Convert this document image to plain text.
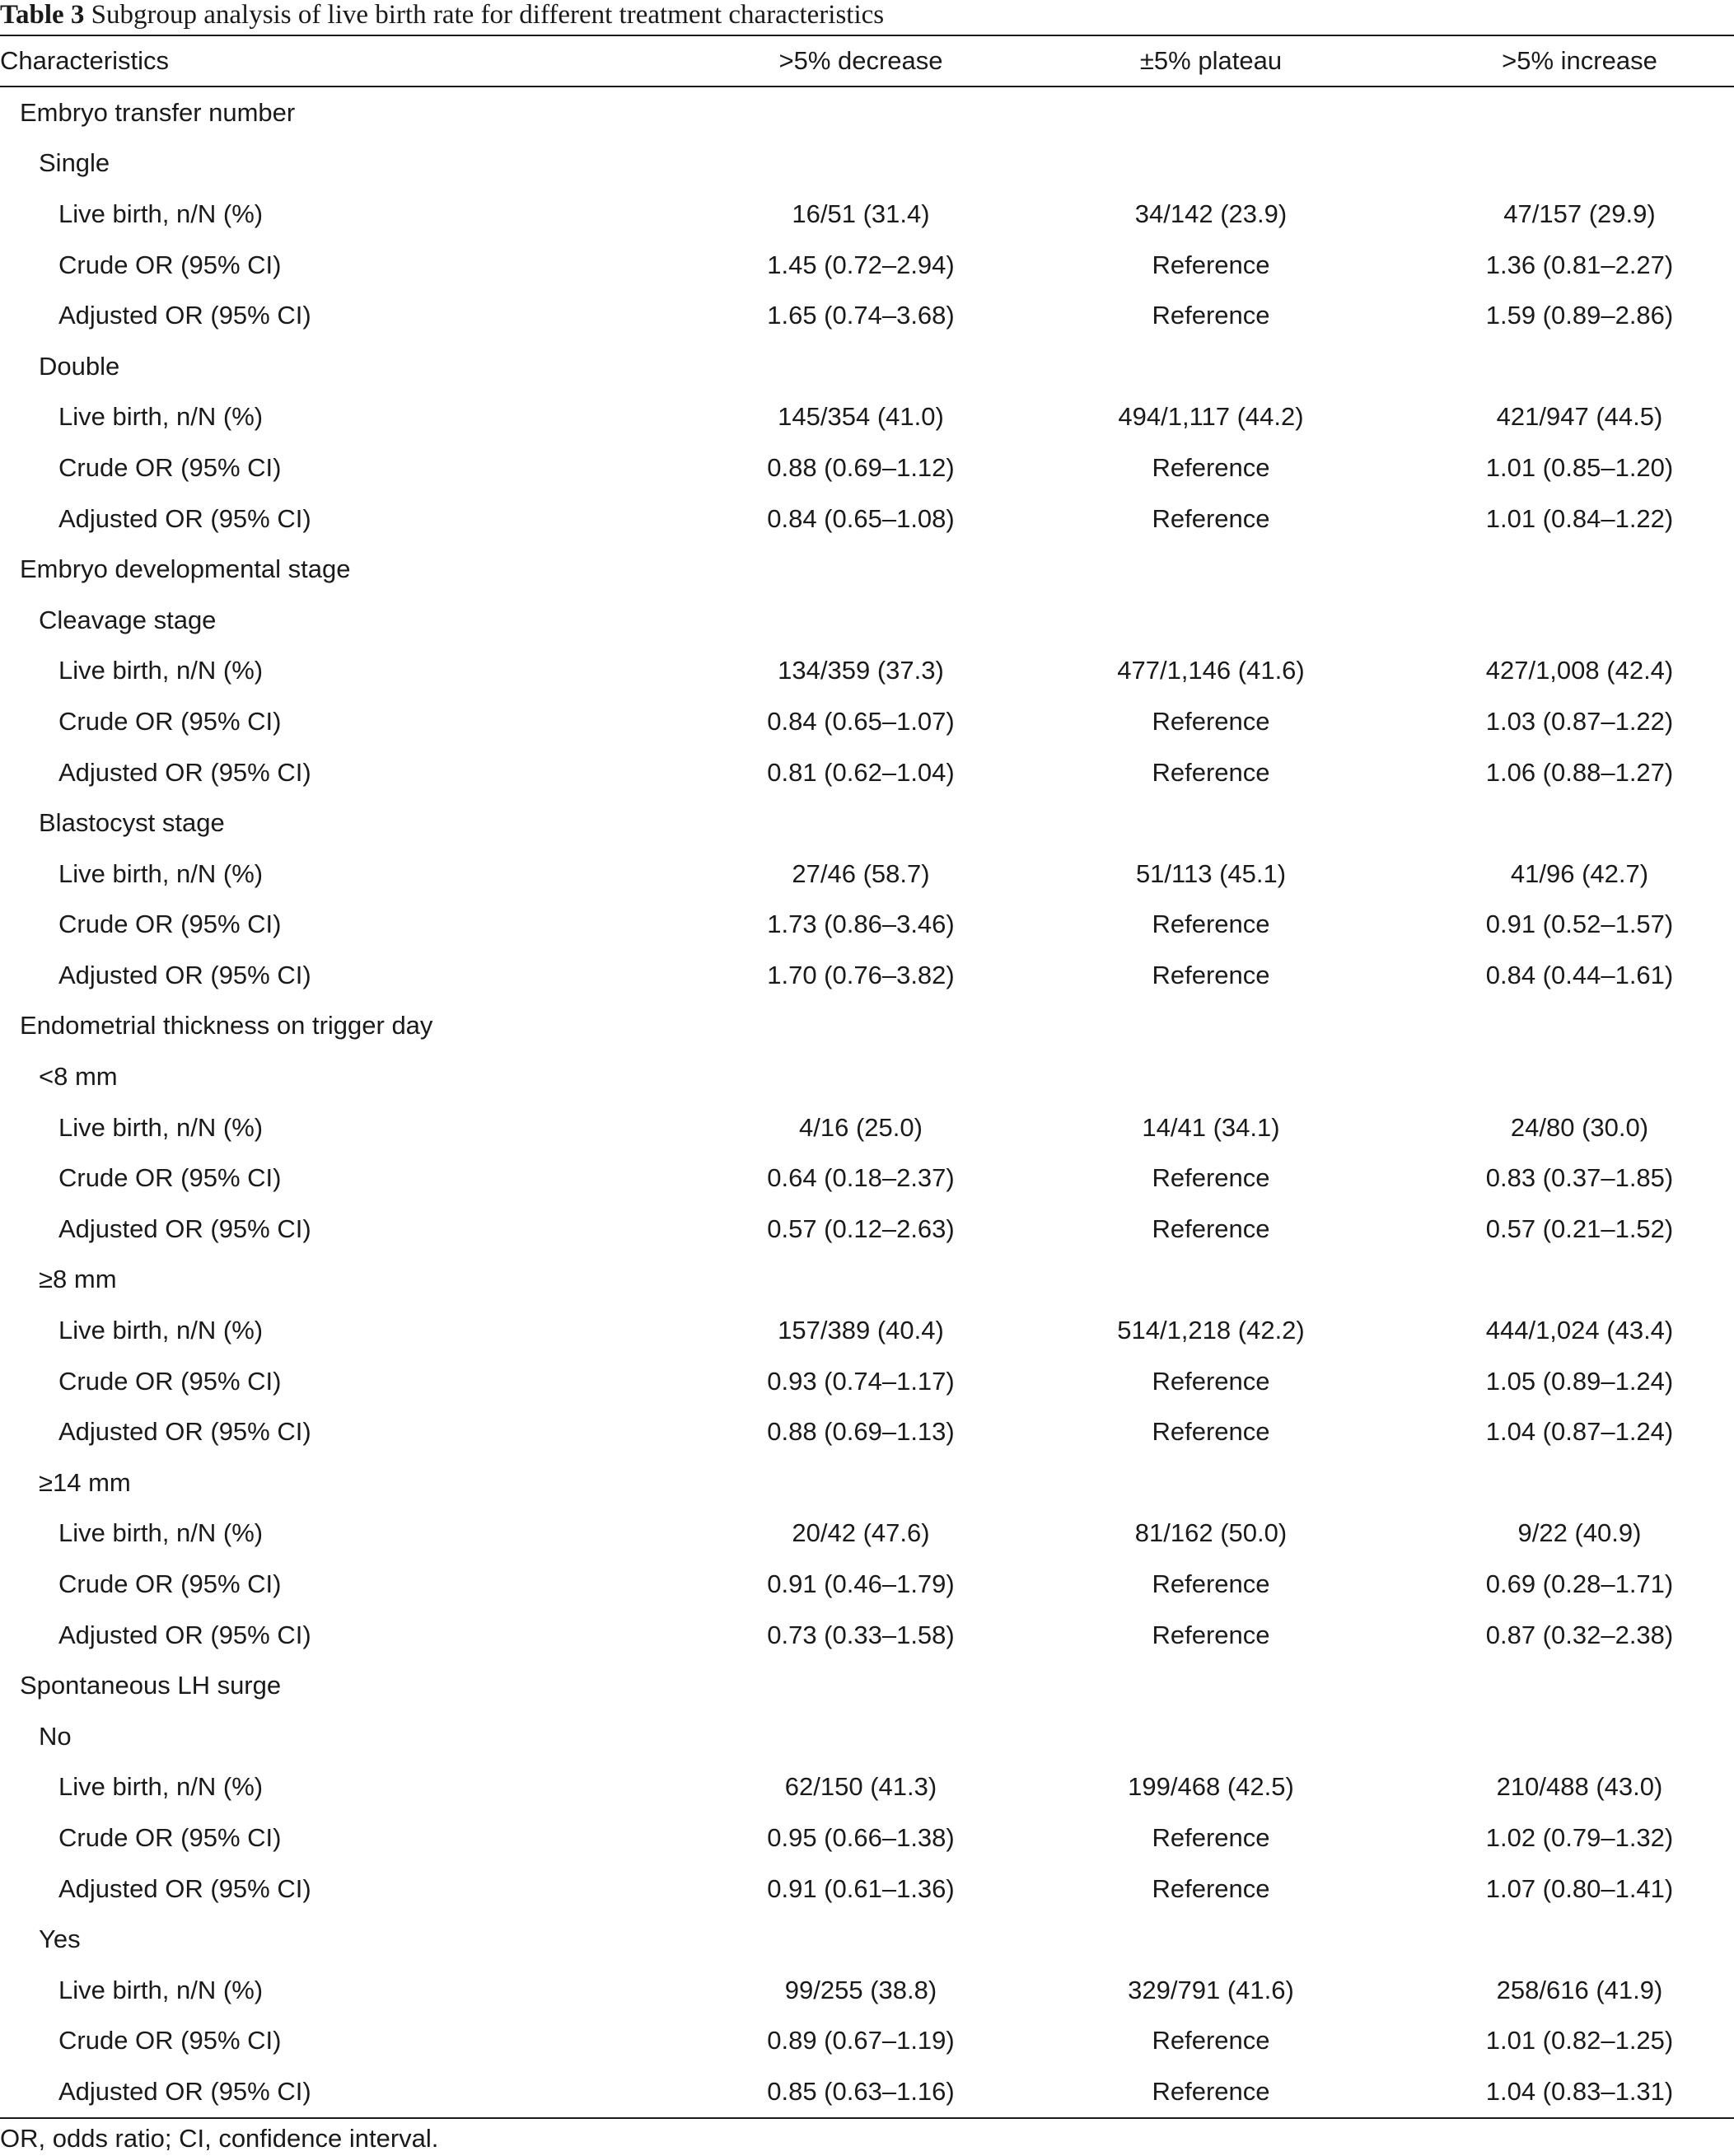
Table 3 Subgroup analysis of live birth rate for different treatment characteristics
Characteristics	>5% decrease	±5% plateau	>5% increase
Embryo transfer number			
Single			
Live birth, n/N (%)	16/51 (31.4)	34/142 (23.9)	47/157 (29.9)
Crude OR (95% CI)	1.45 (0.72–2.94)	Reference	1.36 (0.81–2.27)
Adjusted OR (95% CI)	1.65 (0.74–3.68)	Reference	1.59 (0.89–2.86)
Double			
Live birth, n/N (%)	145/354 (41.0)	494/1,117 (44.2)	421/947 (44.5)
Crude OR (95% CI)	0.88 (0.69–1.12)	Reference	1.01 (0.85–1.20)
Adjusted OR (95% CI)	0.84 (0.65–1.08)	Reference	1.01 (0.84–1.22)
Embryo developmental stage			
Cleavage stage			
Live birth, n/N (%)	134/359 (37.3)	477/1,146 (41.6)	427/1,008 (42.4)
Crude OR (95% CI)	0.84 (0.65–1.07)	Reference	1.03 (0.87–1.22)
Adjusted OR (95% CI)	0.81 (0.62–1.04)	Reference	1.06 (0.88–1.27)
Blastocyst stage			
Live birth, n/N (%)	27/46 (58.7)	51/113 (45.1)	41/96 (42.7)
Crude OR (95% CI)	1.73 (0.86–3.46)	Reference	0.91 (0.52–1.57)
Adjusted OR (95% CI)	1.70 (0.76–3.82)	Reference	0.84 (0.44–1.61)
Endometrial thickness on trigger day			
<8 mm			
Live birth, n/N (%)	4/16 (25.0)	14/41 (34.1)	24/80 (30.0)
Crude OR (95% CI)	0.64 (0.18–2.37)	Reference	0.83 (0.37–1.85)
Adjusted OR (95% CI)	0.57 (0.12–2.63)	Reference	0.57 (0.21–1.52)
≥8 mm			
Live birth, n/N (%)	157/389 (40.4)	514/1,218 (42.2)	444/1,024 (43.4)
Crude OR (95% CI)	0.93 (0.74–1.17)	Reference	1.05 (0.89–1.24)
Adjusted OR (95% CI)	0.88 (0.69–1.13)	Reference	1.04 (0.87–1.24)
≥14 mm			
Live birth, n/N (%)	20/42 (47.6)	81/162 (50.0)	9/22 (40.9)
Crude OR (95% CI)	0.91 (0.46–1.79)	Reference	0.69 (0.28–1.71)
Adjusted OR (95% CI)	0.73 (0.33–1.58)	Reference	0.87 (0.32–2.38)
Spontaneous LH surge			
No			
Live birth, n/N (%)	62/150 (41.3)	199/468 (42.5)	210/488 (43.0)
Crude OR (95% CI)	0.95 (0.66–1.38)	Reference	1.02 (0.79–1.32)
Adjusted OR (95% CI)	0.91 (0.61–1.36)	Reference	1.07 (0.80–1.41)
Yes			
Live birth, n/N (%)	99/255 (38.8)	329/791 (41.6)	258/616 (41.9)
Crude OR (95% CI)	0.89 (0.67–1.19)	Reference	1.01 (0.82–1.25)
Adjusted OR (95% CI)	0.85 (0.63–1.16)	Reference	1.04 (0.83–1.31)
OR, odds ratio; CI, confidence interval.
